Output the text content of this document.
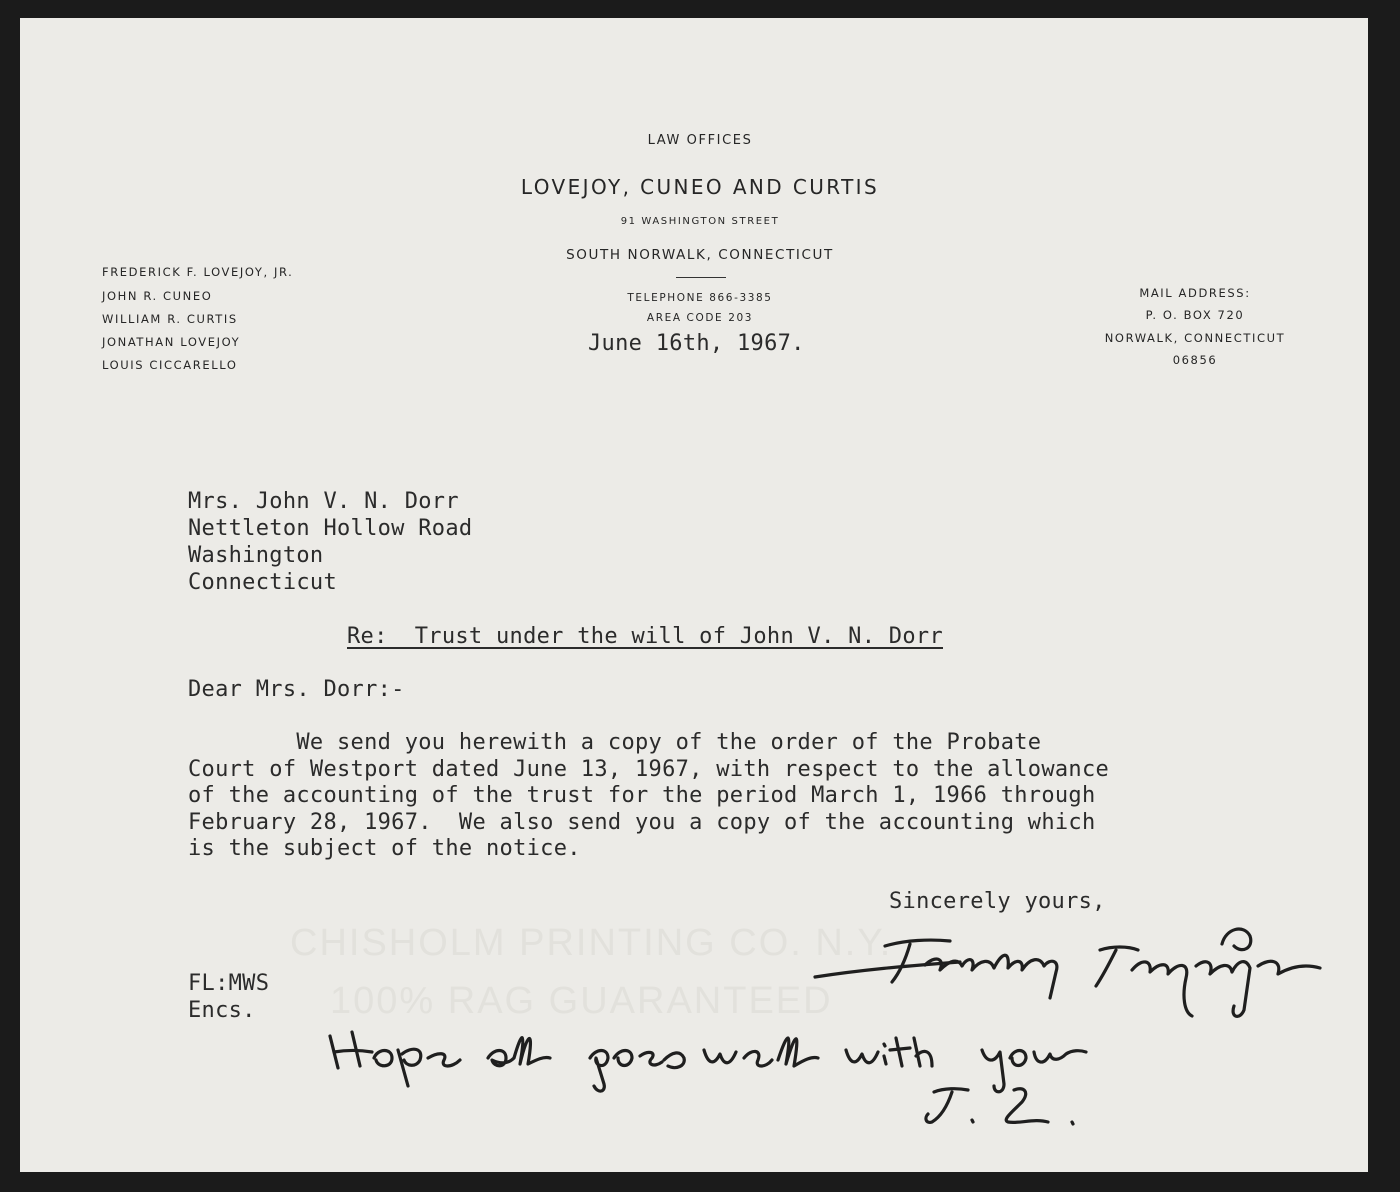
CHISHOLM PRINTING CO. N.Y.
100% RAG GUARANTEED
LAW OFFICES
LOVEJOY, CUNEO AND CURTIS
91 WASHINGTON STREET
SOUTH NORWALK, CONNECTICUT
TELEPHONE 866-3385
AREA CODE 203
FREDERICK F. LOVEJOY, JR.
JOHN R. CUNEO
WILLIAM R. CURTIS
JONATHAN LOVEJOY
LOUIS CICCARELLO
MAIL ADDRESS:
P. O. BOX 720
NORWALK, CONNECTICUT
06856
June 16th, 1967.
Mrs. John V. N. Dorr
Nettleton Hollow Road
Washington
Connecticut
Re:  Trust under the will of John V. N. Dorr
Dear Mrs. Dorr:-
We send you herewith a copy of the order of the Probate
Court of Westport dated June 13, 1967, with respect to the allowance
of the accounting of the trust for the period March 1, 1966 through
February 28, 1967.  We also send you a copy of the accounting which
is the subject of the notice.
Sincerely yours,
FL:MWS
Encs.
